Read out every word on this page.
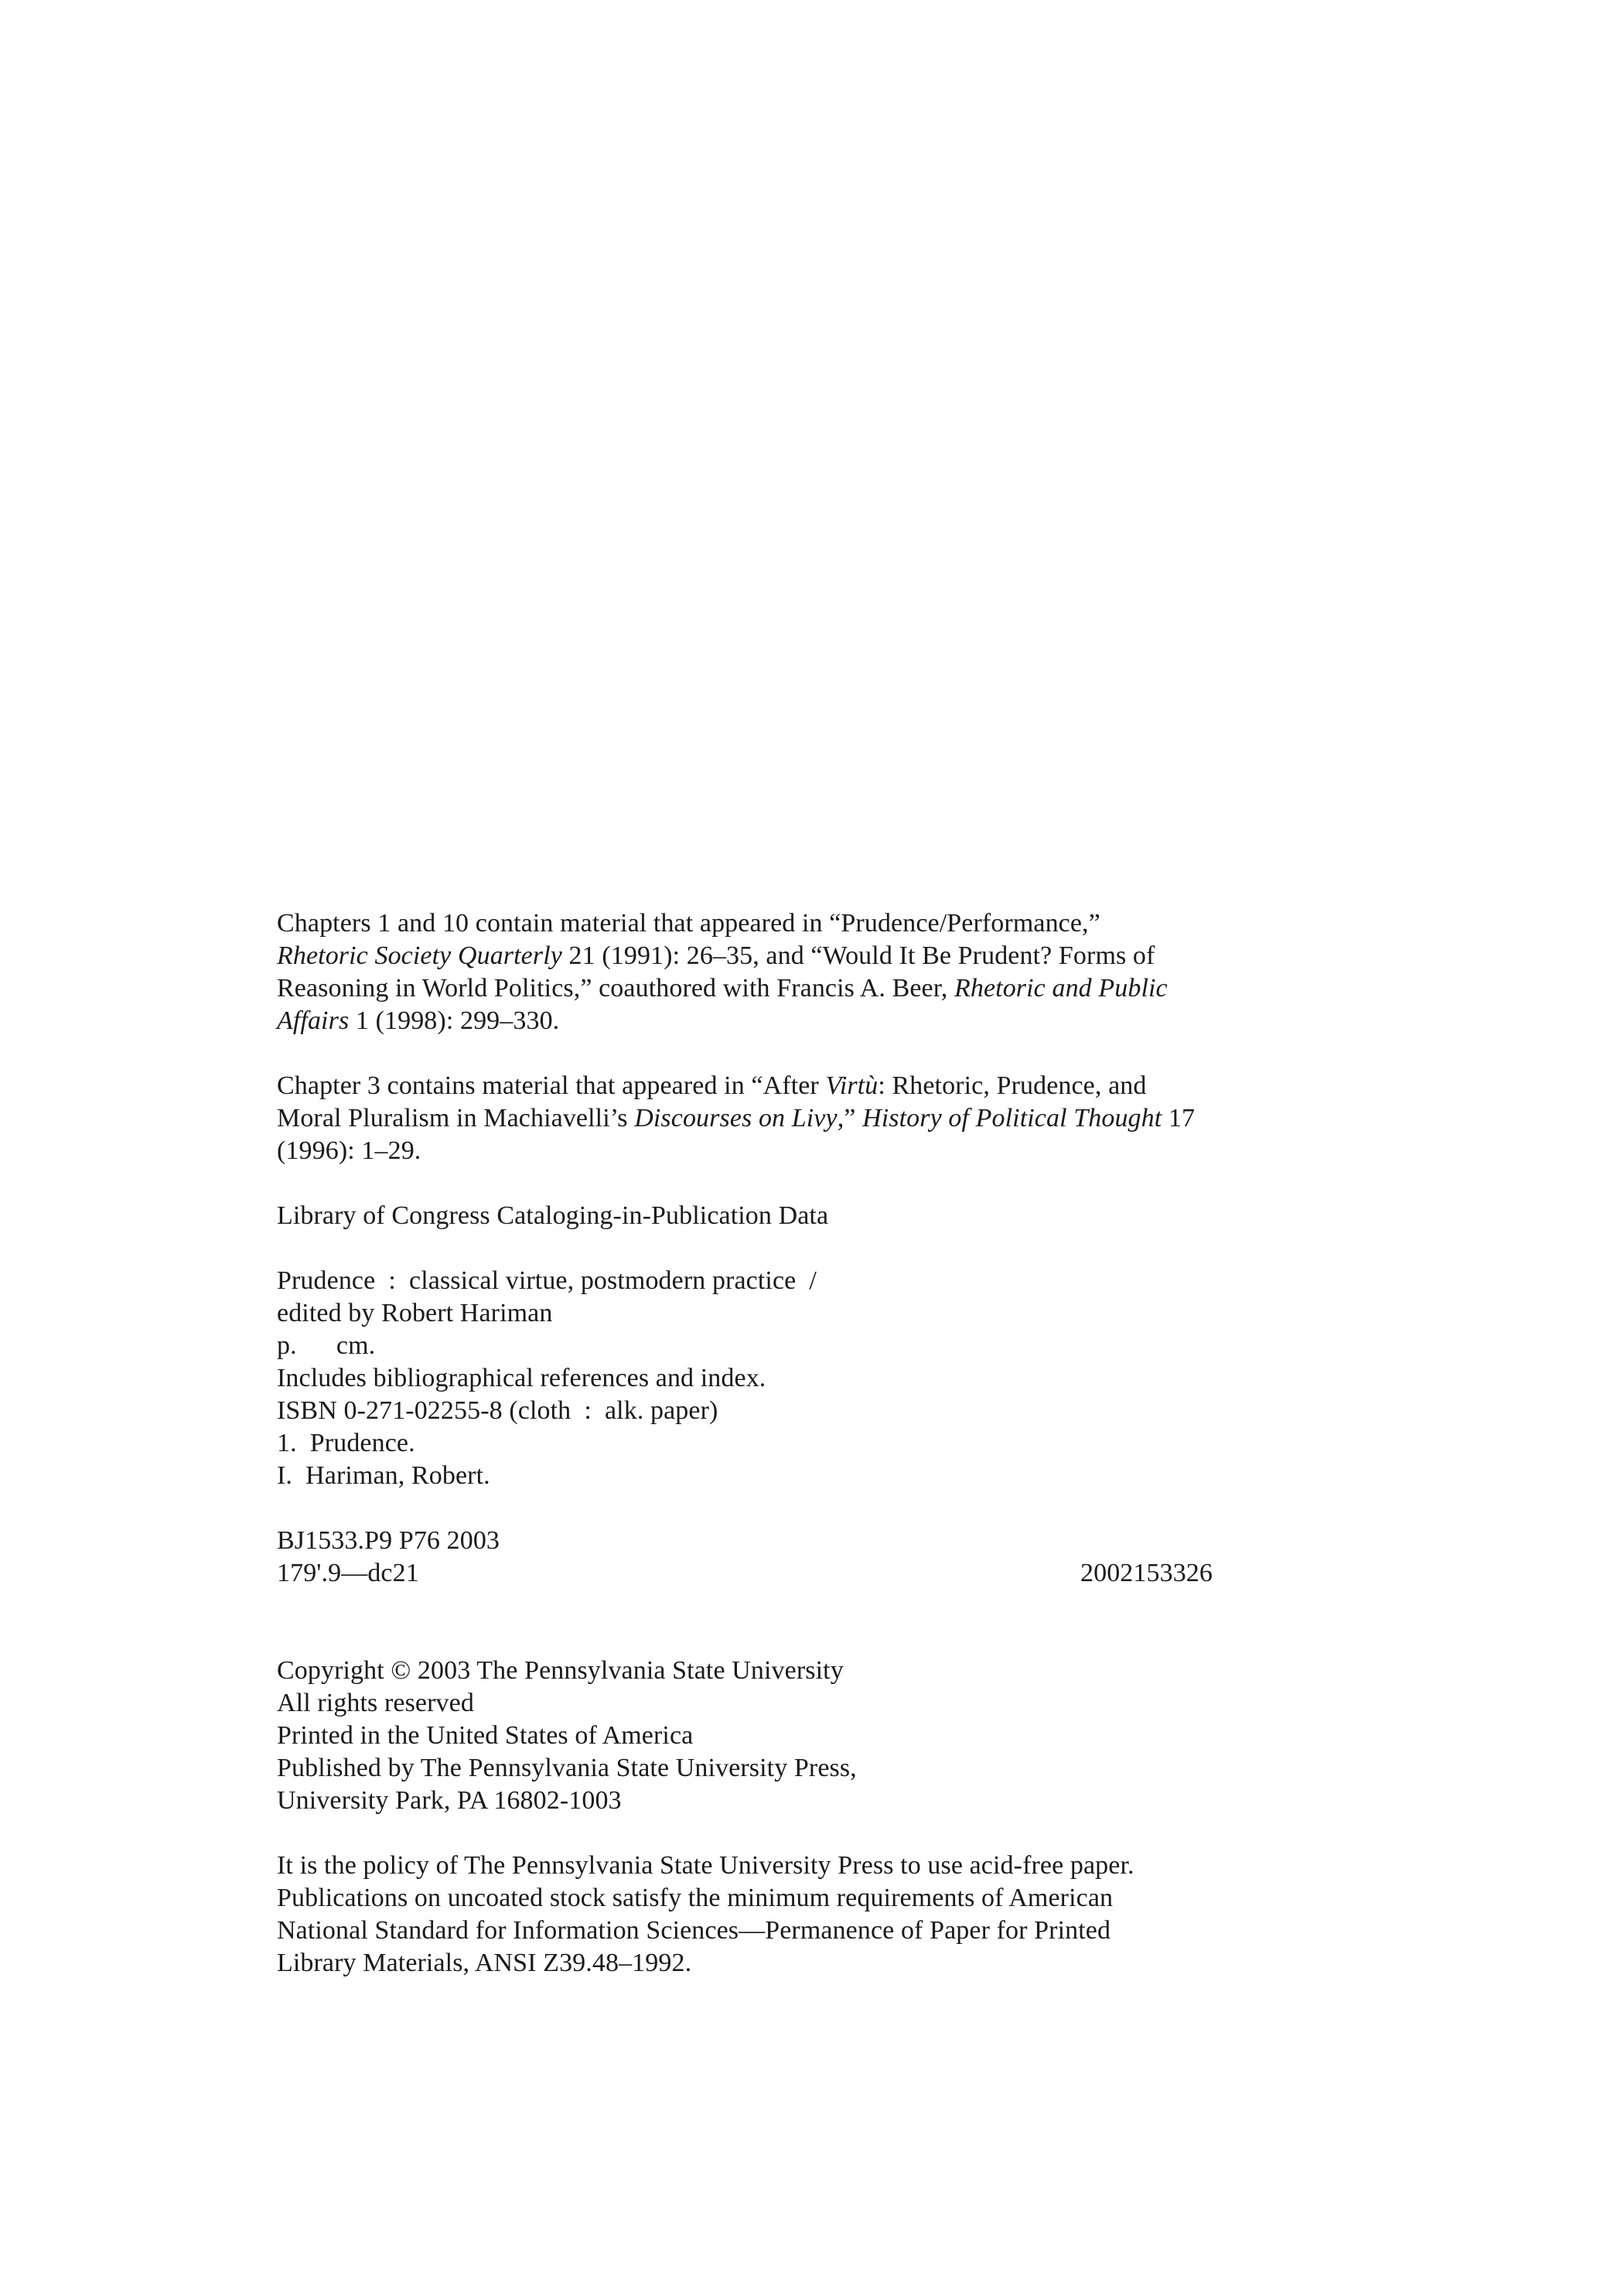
Chapters 1 and 10 contain material that appeared in “Prudence/Performance,”
Rhetoric Society Quarterly 21 (1991): 26–35, and “Would It Be Prudent? Forms of
Reasoning in World Politics,” coauthored with Francis A. Beer, Rhetoric and Public
Affairs 1 (1998): 299–330.
Chapter 3 contains material that appeared in “After Virtù: Rhetoric, Prudence, and
Moral Pluralism in Machiavelli’s Discourses on Livy,” History of Political Thought 17
(1996): 1–29.
Library of Congress Cataloging-in-Publication Data
Prudence : classical virtue, postmodern practice /
edited by Robert Hariman
p.  cm.
Includes bibliographical references and index.
ISBN 0-271-02255-8 (cloth : alk. paper)
1. Prudence.
I. Hariman, Robert.
BJ1533.P9 P76 2003
179'.9—dc21	2002153326
Copyright © 2003 The Pennsylvania State University
All rights reserved
Printed in the United States of America
Published by The Pennsylvania State University Press,
University Park, PA 16802-1003
It is the policy of The Pennsylvania State University Press to use acid-free paper.
Publications on uncoated stock satisfy the minimum requirements of American
National Standard for Information Sciences—Permanence of Paper for Printed
Library Materials, ANSI Z39.48–1992.
